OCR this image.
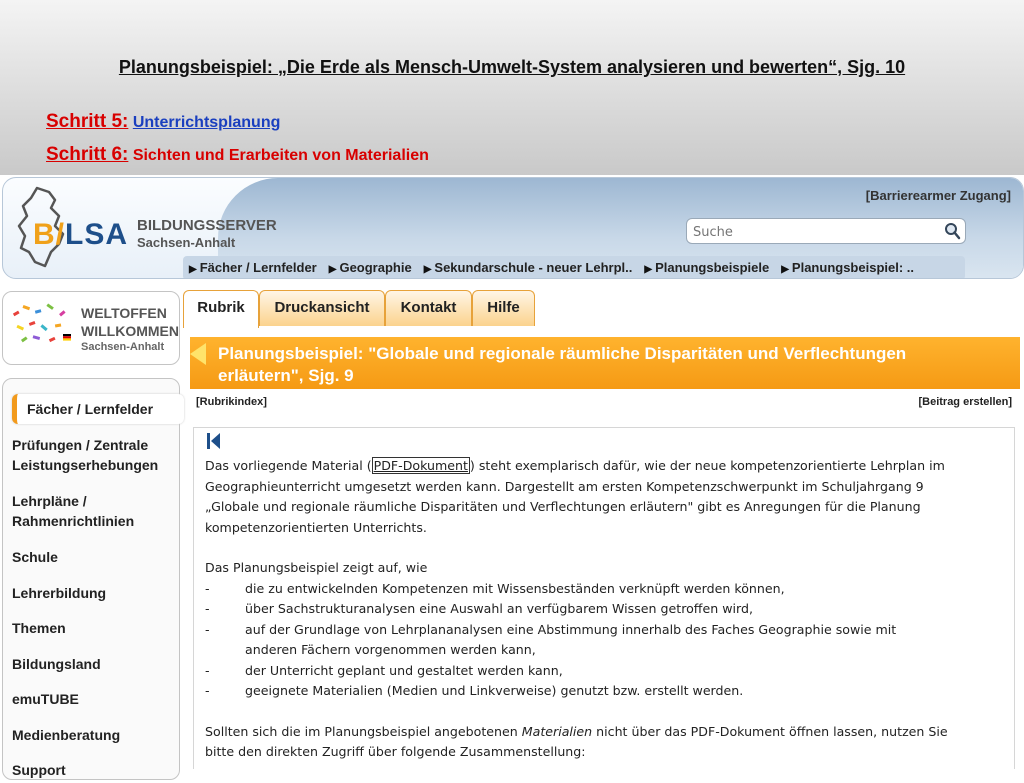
Planungsbeispiel: „Die Erde als Mensch-Umwelt-System analysieren und bewerten“, Sjg. 10
Schritt 5: Unterrichtsplanung
Schritt 6: Sichten und Erarbeiten von Materialien
B/LSA BILDUNGSSERVER
Sachsen-Anhalt
[Barrierearmer Zugang]
Suche
▶ Fächer / Lernfelder ▶ Geographie ▶ Sekundarschule - neuer Lehrpl.. ▶ Planungsbeispiele ▶ Planungsbeispiel: ..
WELTOFFEN
WILLKOMMEN
Sachsen-Anhalt
Fächer / Lernfelder
Prüfungen / Zentrale
Leistungserhebungen
Lehrpläne /
Rahmenrichtlinien
Schule
Lehrerbildung
Themen
Bildungsland
emuTUBE
Medienberatung
Support
Rubrik	Druckansicht	Kontakt	Hilfe
Planungsbeispiel: "Globale und regionale räumliche Disparitäten und Verflechtungen
erläutern", Sjg. 9
[Rubrikindex]	[Beitrag erstellen]

Das vorliegende Material ( PDF-Dokument ) steht exemplarisch dafür, wie der neue kompetenzorientierte Lehrplan im
Geographieunterricht umgesetzt werden kann. Dargestellt am ersten Kompetenzschwerpunkt im Schuljahrgang 9
„Globale und regionale räumliche Disparitäten und Verflechtungen erläutern" gibt es Anregungen für die Planung
kompetenzorientierten Unterrichts.

Das Planungsbeispiel zeigt auf, wie

-	die zu entwickelnden Kompetenzen mit Wissensbeständen verknüpft werden können,

-	über Sachstrukturanalysen eine Auswahl an verfügbarem Wissen getroffen wird,

-	auf der Grundlage von Lehrplananalysen eine Abstimmung innerhalb des Faches Geographie sowie mit
anderen Fächern vorgenommen werden kann,

-	der Unterricht geplant und gestaltet werden kann,

-	geeignete Materialien (Medien und Linkverweise) genutzt bzw. erstellt werden.

Sollten sich die im Planungsbeispiel angebotenen Materialien nicht über das PDF-Dokument öffnen lassen, nutzen Sie
bitte den direkten Zugriff über folgende Zusammenstellung:
